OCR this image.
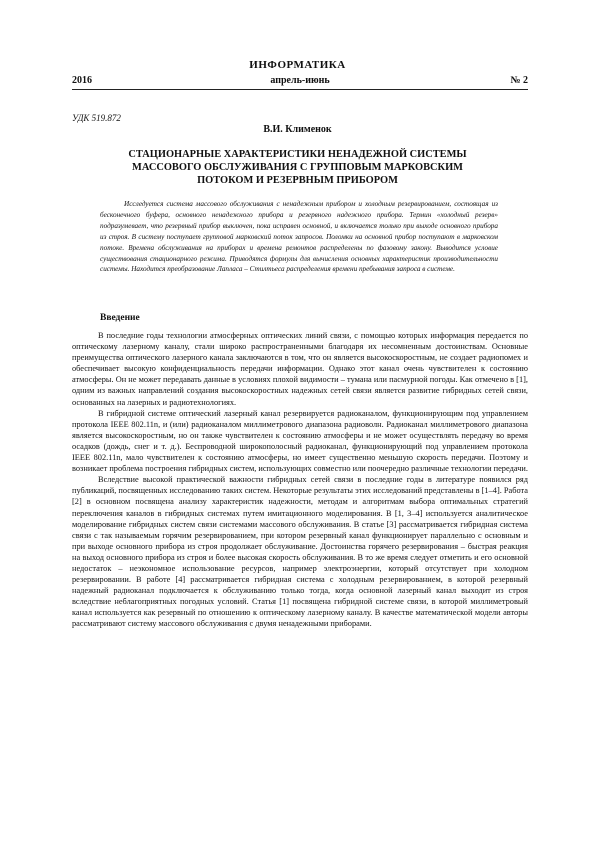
ИНФОРМАТИКА
апрель-июнь
2016	№ 2
УДК 519.872
В.И. Клименок
СТАЦИОНАРНЫЕ ХАРАКТЕРИСТИКИ НЕНАДЕЖНОЙ СИСТЕМЫ МАССОВОГО ОБСЛУЖИВАНИЯ С ГРУППОВЫМ МАРКОВСКИМ ПОТОКОМ И РЕЗЕРВНЫМ ПРИБОРОМ
Исследуется система массового обслуживания с ненадежным прибором и холодным резервированием, состоящая из бесконечного буфера, основного ненадежного прибора и резервного надежного прибора. Термин «холодный резерв» подразумевает, что резервный прибор выключен, пока исправен основной, и включается только при выходе основного прибора из строя. В систему поступает групповой марковский поток запросов. Поломки на основной прибор поступают в марковском потоке. Времена обслуживания на приборах и времена ремонтов распределены по фазовому закону. Выводится условие существования стационарного режима. Приводятся формулы для вычисления основных характеристик производительности системы. Находится преобразование Лапласа – Стилтьеса распределения времени пребывания запроса в системе.
Введение

В последние годы технологии атмосферных оптических линий связи, с помощью которых информация передается по оптическому лазерному каналу, стали широко распространенными благодаря их несомненным достоинствам. Основные преимущества оптического лазерного канала заключаются в том, что он является высокоскоростным, не создает радиопомех и обеспечивает высокую конфиденциальность передачи информации. Однако этот канал очень чувствителен к состоянию атмосферы. Он не может передавать данные в условиях плохой видимости – тумана или пасмурной погоды. Как отмечено в [1], одним из важных направлений создания высокоскоростных надежных сетей связи является развитие гибридных сетей связи, основанных на лазерных и радиотехнологиях.

В гибридной системе оптический лазерный канал резервируется радиоканалом, функционирующим под управлением протокола IEEE 802.11n, и (или) радиоканалом миллиметрового диапазона радиоволн. Радиоканал миллиметрового диапазона является высокоскоростным, но он также чувствителен к состоянию атмосферы и не может осуществлять передачу во время осадков (дождь, снег и т. д.). Беспроводной широкополосный радиоканал, функционирующий под управлением протокола IEEE 802.11n, мало чувствителен к состоянию атмосферы, но имеет существенно меньшую скорость передачи. Поэтому и возникает проблема построения гибридных систем, использующих совместно или поочередно различные технологии передачи.

Вследствие высокой практической важности гибридных сетей связи в последние годы в литературе появился ряд публикаций, посвященных исследованию таких систем. Некоторые результаты этих исследований представлены в [1–4]. Работа [2] в основном посвящена анализу характеристик надежности, методам и алгоритмам выбора оптимальных стратегий переключения каналов в гибридных системах путем имитационного моделирования. В [1, 3–4] используется аналитическое моделирование гибридных систем связи системами массового обслуживания. В статье [3] рассматривается гибридная система связи с так называемым горячим резервированием, при котором резервный канал функционирует параллельно с основным и при выходе основного прибора из строя продолжает обслуживание. Достоинства горячего резервирования – быстрая реакция на выход основного прибора из строя и более высокая скорость обслуживания. В то же время следует отметить и его основной недостаток – неэкономное использование ресурсов, например электроэнергии, который отсутствует при холодном резервировании. В работе [4] рассматривается гибридная система с холодным резервированием, в которой резервный надежный радиоканал подключается к обслуживанию только тогда, когда основной лазерный канал выходит из строя вследствие неблагоприятных погодных условий. Статья [1] посвящена гибридной системе связи, в которой миллиметровый канал используется как резервный по отношению к оптическому лазерному каналу. В качестве математической модели авторы рассматривают систему массового обслуживания с двумя ненадежными приборами.
